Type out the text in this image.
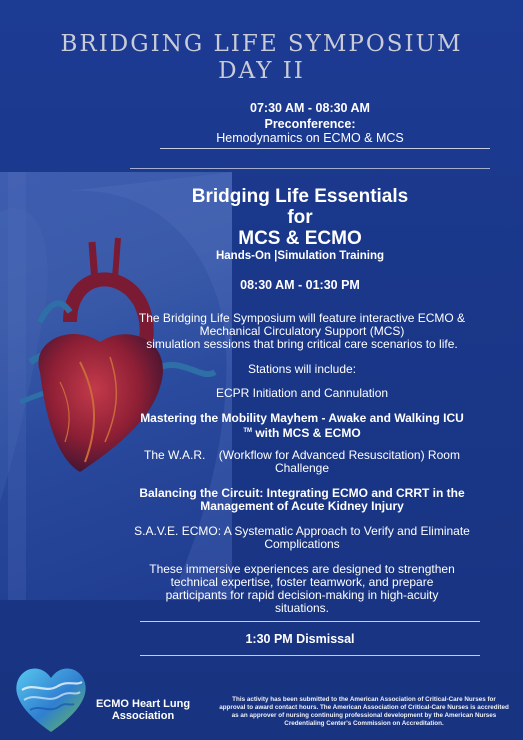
BRIDGING LIFE SYMPOSIUM
DAY II
07:30 AM - 08:30 AM
Preconference:
Hemodynamics on ECMO & MCS
Bridging Life Essentials
for
MCS & ECMO
Hands-On |Simulation Training
08:30 AM - 01:30 PM
The Bridging Life Symposium will feature interactive ECMO &
Mechanical Circulatory Support (MCS)
simulation sessions that bring critical care scenarios to life.
Stations will include:
ECPR Initiation and Cannulation
Mastering the Mobility Mayhem - Awake and Walking ICU
™ with MCS & ECMO
The W.A.R.    (Workflow for Advanced Resuscitation) Room
Challenge
Balancing the Circuit: Integrating ECMO and CRRT in the
Management of Acute Kidney Injury
S.A.V.E. ECMO: A Systematic Approach to Verify and Eliminate
Complications
These immersive experiences are designed to strengthen
technical expertise, foster teamwork, and prepare
participants for rapid decision-making in high-acuity
situations.
1:30 PM Dismissal
ECMO Heart Lung
Association
This activity has been submitted to the American Association of Critical-Care Nurses for
approval to award contact hours. The American Association of Critical-Care Nurses is accredited
as an approver of nursing continuing professional development by the American Nurses
Credentialing Center's Commission on Accreditation.
